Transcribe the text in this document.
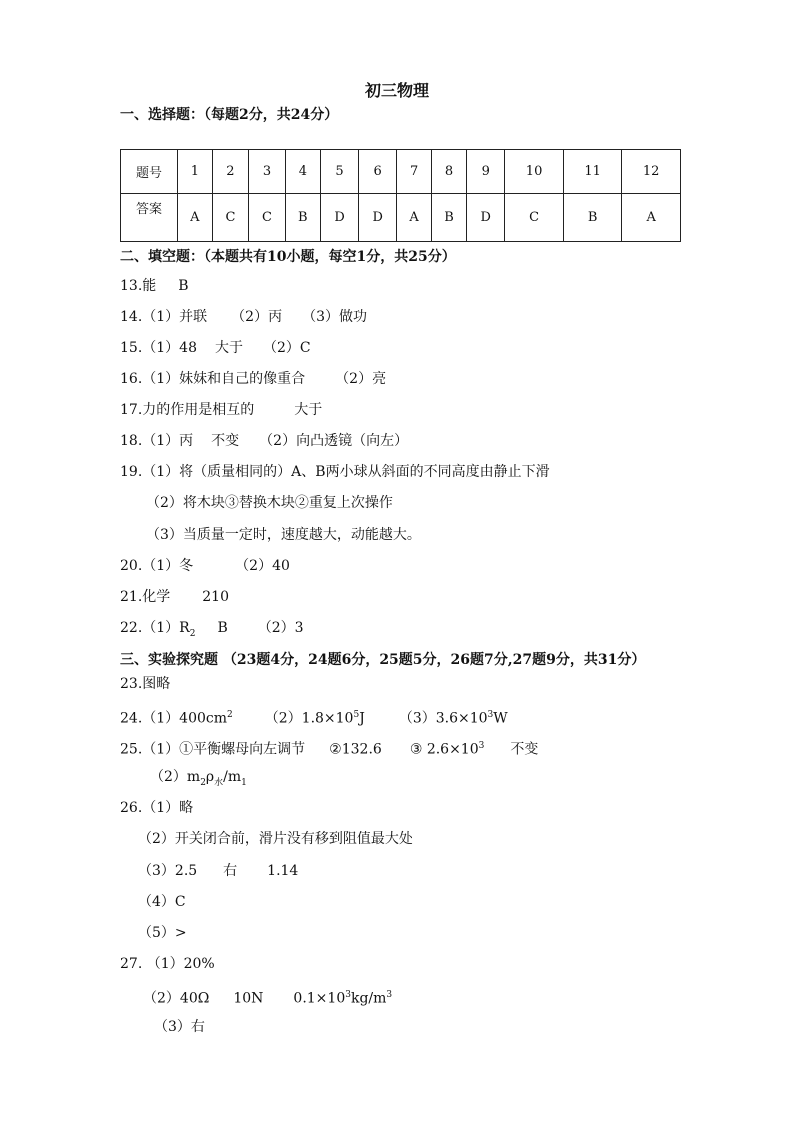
初三物理
一、选择题：（每题2分，共24分）
题号	1	2	3	4	5	6	7	8	9	10	11	12
答案	A	C	C	B	D	D	A	B	D	C	B	A
二、填空题：（本题共有10小题，每空1分，共25分）
13.能 B
14.（1）并联 （2）丙 （3）做功
15.（1）48 大于 （2）C
16.（1）妹妹和自己的像重合 （2）亮
17.力的作用是相互的	大于
18.（1）丙 不变 （2）向凸透镜（向左）
19.（1）将（质量相同的）A、B两小球从斜面的不同高度由静止下滑
（2）将木块③替换木块②重复上次操作
（3）当质量一定时，速度越大，动能越大。
20.（1）冬	（2）40
21.化学 210
$22.(1)R_2$ B （2）3
三、实验探究题 （23题4分，24题6分，25题5分，26题7分,27题9分，共31分）
23.图略
$24.(1)400cm^2$ $(2)1.8\times 10^5J$ $(3)3.6\times 10^3W$
25.（1）①平衡螺母向左调节 ②132.6 ③ $2.6\times 10^3$ 不变
$(2)m_2\rho_水/m_1$
26.（1）略
（2）开关闭合前，滑片没有移到阻值最大处
（3）2.5 右 1.14
（4）C
（5）>
27. （1）20%
（2）40Ω 10N $0.1\times 10^3kg/m^3$
（3）右
